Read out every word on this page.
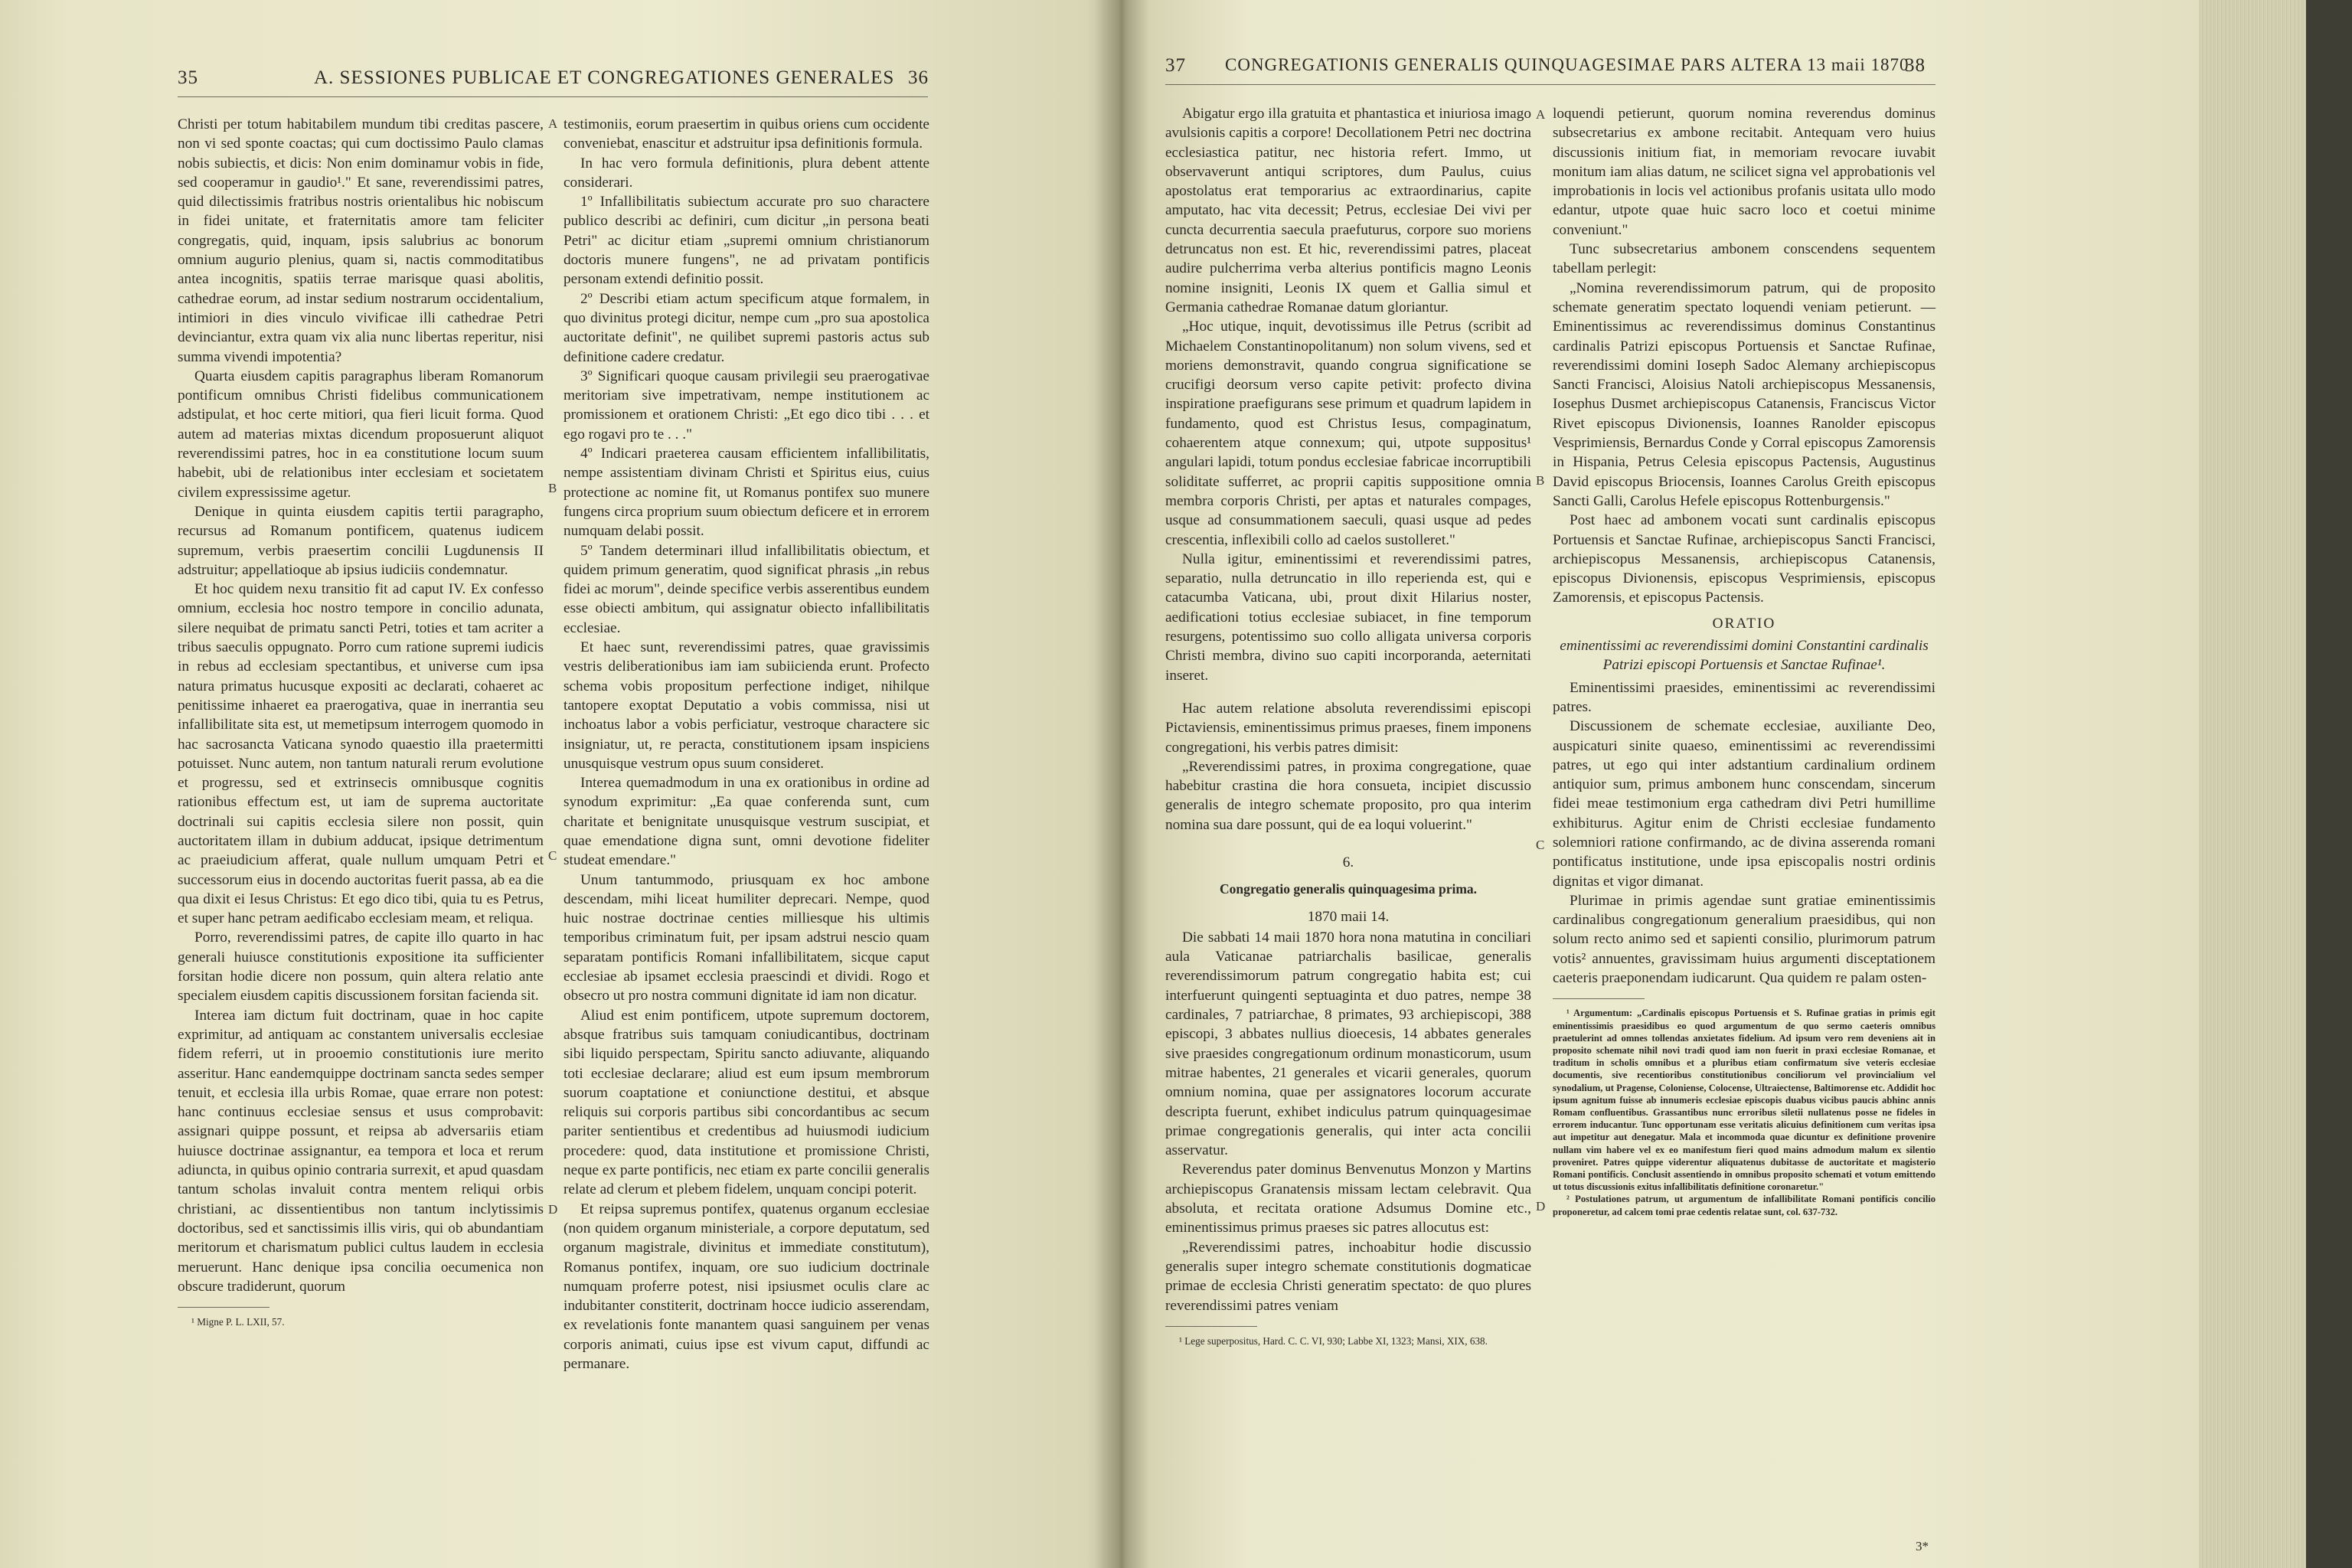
35	A. SESSIONES PUBLICAE ET CONGREGATIONES GENERALES 36

Christi per totum habitabilem mundum tibi creditas pascere, non vi sed sponte coactas; qui cum doctissimo Paulo clamas nobis subiectis, et dicis: Non enim dominamur vobis in fide, sed cooperamur in gaudio¹." Et sane, reverendissimi patres, quid dilectissimis fratribus nostris orientalibus hic nobiscum in fidei unitate, et fraternitatis amore tam feliciter congregatis, quid, inquam, ipsis salubrius ac bonorum omnium augurio plenius, quam si, nactis commoditatibus antea incognitis, spatiis terrae marisque quasi abolitis, cathedrae eorum, ad instar sedium nostrarum occidentalium, intimiori in dies vinculo vivificae illi cathedrae Petri devinciantur, extra quam vix alia nunc libertas reperitur, nisi summa vivendi impotentia?

Quarta eiusdem capitis paragraphus liberam Romanorum pontificum omnibus Christi fidelibus communicationem adstipulat, et hoc certe mitiori, qua fieri licuit forma. Quod autem ad materias mixtas dicendum proposuerunt aliquot reverendissimi patres, hoc in ea constitutione locum suum habebit, ubi de relationibus inter ecclesiam et societatem civilem expressissime agetur.

Denique in quinta eiusdem capitis tertii paragrapho, recursus ad Romanum pontificem, quatenus iudicem supremum, verbis praesertim concilii Lugdunensis II adstruitur; appellatioque ab ipsius iudiciis condemnatur.

Et hoc quidem nexu transitio fit ad caput IV. Ex confesso omnium, ecclesia hoc nostro tempore in concilio adunata, silere nequibat de primatu sancti Petri, toties et tam acriter a tribus saeculis oppugnato. Porro cum ratione supremi iudicis in rebus ad ecclesiam spectantibus, et universe cum ipsa natura primatus hucusque expositi ac declarati, cohaeret ac penitissime inhaeret ea praerogativa, quae in inerrantia seu infallibilitate sita est, ut memetipsum interrogem quomodo in hac sacrosancta Vaticana synodo quaestio illa praetermitti potuisset. Nunc autem, non tantum naturali rerum evolutione et progressu, sed et extrinsecis omnibusque cognitis rationibus effectum est, ut iam de suprema auctoritate doctrinali sui capitis ecclesia silere non possit, quin auctoritatem illam in dubium adducat, ipsique detrimentum ac praeiudicium afferat, quale nullum umquam Petri et successorum eius in docendo auctoritas fuerit passa, ab ea die qua dixit ei Iesus Christus: Et ego dico tibi, quia tu es Petrus, et super hanc petram aedificabo ecclesiam meam, et reliqua.

Porro, reverendissimi patres, de capite illo quarto in hac generali huiusce constitutionis expositione ita sufficienter forsitan hodie dicere non possum, quin altera relatio ante specialem eiusdem capitis discussionem forsitan facienda sit.

Interea iam dictum fuit doctrinam, quae in hoc capite exprimitur, ad antiquam ac constantem universalis ecclesiae fidem referri, ut in prooemio constitutionis iure merito asseritur. Hanc eandemquippe doctrinam sancta sedes semper tenuit, et ecclesia illa urbis Romae, quae errare non potest: hanc continuus ecclesiae sensus et usus comprobavit: assignari quippe possunt, et reipsa ab adversariis etiam huiusce doctrinae assignantur, ea tempora et loca et rerum adiuncta, in quibus opinio contraria surrexit, et apud quasdam tantum scholas invaluit contra mentem reliqui orbis christiani, ac dissentientibus non tantum inclytissimis doctoribus, sed et sanctissimis illis viris, qui ob abundantiam meritorum et charismatum publici cultus laudem in ecclesia meruerunt. Hanc denique ipsa concilia oecumenica non obscure tradiderunt, quorum

¹ Migne P. L. LXII, 57.

A
B
C
D

testimoniis, eorum praesertim in quibus oriens cum occidente conveniebat, enascitur et adstruitur ipsa definitionis formula.

In hac vero formula definitionis, plura debent attente considerari.

1º Infallibilitatis subiectum accurate pro suo charactere publico describi ac definiri, cum dicitur „in persona beati Petri" ac dicitur etiam „supremi omnium christianorum doctoris munere fungens", ne ad privatam pontificis personam extendi definitio possit.

2º Describi etiam actum specificum atque formalem, in quo divinitus protegi dicitur, nempe cum „pro sua apostolica auctoritate definit", ne quilibet supremi pastoris actus sub definitione cadere credatur.

3º Significari quoque causam privilegii seu praerogativae meritoriam sive impetrativam, nempe institutionem ac promissionem et orationem Christi: „Et ego dico tibi . . . et ego rogavi pro te . . ."

4º Indicari praeterea causam efficientem infallibilitatis, nempe assistentiam divinam Christi et Spiritus eius, cuius protectione ac nomine fit, ut Romanus pontifex suo munere fungens circa proprium suum obiectum deficere et in errorem numquam delabi possit.

5º Tandem determinari illud infallibilitatis obiectum, et quidem primum generatim, quod significat phrasis „in rebus fidei ac morum", deinde specifice verbis asserentibus eundem esse obiecti ambitum, qui assignatur obiecto infallibilitatis ecclesiae.

Et haec sunt, reverendissimi patres, quae gravissimis vestris deliberationibus iam iam subiicienda erunt. Profecto schema vobis propositum perfectione indiget, nihilque tantopere exoptat Deputatio a vobis commissa, nisi ut inchoatus labor a vobis perficiatur, vestroque charactere sic insigniatur, ut, re peracta, constitutionem ipsam inspiciens unusquisque vestrum opus suum consideret.

Interea quemadmodum in una ex orationibus in ordine ad synodum exprimitur: „Ea quae conferenda sunt, cum charitate et benignitate unusquisque vestrum suscipiat, et quae emendatione digna sunt, omni devotione fideliter studeat emendare."

Unum tantummodo, priusquam ex hoc ambone descendam, mihi liceat humiliter deprecari. Nempe, quod huic nostrae doctrinae centies milliesque his ultimis temporibus criminatum fuit, per ipsam adstrui nescio quam separatam pontificis Romani infallibilitatem, sicque caput ecclesiae ab ipsamet ecclesia praescindi et dividi. Rogo et obsecro ut pro nostra communi dignitate id iam non dicatur.

Aliud est enim pontificem, utpote supremum doctorem, absque fratribus suis tamquam coniudicantibus, doctrinam sibi liquido perspectam, Spiritu sancto adiuvante, aliquando toti ecclesiae declarare; aliud est eum ipsum membrorum suorum coaptatione et coniunctione destitui, et absque reliquis sui corporis partibus sibi concordantibus ac secum pariter sentientibus et credentibus ad huiusmodi iudicium procedere: quod, data institutione et promissione Christi, neque ex parte pontificis, nec etiam ex parte concilii generalis relate ad clerum et plebem fidelem, unquam concipi poterit.

Et reipsa supremus pontifex, quatenus organum ecclesiae (non quidem organum ministeriale, a corpore deputatum, sed organum magistrale, divinitus et immediate constitutum), Romanus pontifex, inquam, ore suo iudicium doctrinale numquam proferre potest, nisi ipsiusmet oculis clare ac indubitanter constiterit, doctrinam hocce iudicio asserendam, ex revelationis fonte manantem quasi sanguinem per venas corporis animati, cuius ipse est vivum caput, diffundi ac permanare.

37 CONGREGATIONIS GENERALIS QUINQUAGESIMAE PARS ALTERA 13 maii 1870
38

Abigatur ergo illa gratuita et phantastica et iniuriosa imago avulsionis capitis a corpore! Decollationem Petri nec doctrina ecclesiastica patitur, nec historia refert. Immo, ut observaverunt antiqui scriptores, dum Paulus, cuius apostolatus erat temporarius ac extraordinarius, capite amputato, hac vita decessit; Petrus, ecclesiae Dei vivi per cuncta decurrentia saecula praefuturus, corpore suo moriens detruncatus non est. Et hic, reverendissimi patres, placeat audire pulcherrima verba alterius pontificis magno Leonis nomine insigniti, Leonis IX quem et Gallia simul et Germania cathedrae Romanae datum gloriantur.

„Hoc utique, inquit, devotissimus ille Petrus (scribit ad Michaelem Constantinopolitanum) non solum vivens, sed et moriens demonstravit, quando congrua significatione se crucifigi deorsum verso capite petivit: profecto divina inspiratione praefigurans sese primum et quadrum lapidem in fundamento, quod est Christus Iesus, compaginatum, cohaerentem atque connexum; qui, utpote suppositus¹ angulari lapidi, totum pondus ecclesiae fabricae incorruptibili soliditate sufferret, ac proprii capitis suppositione omnia membra corporis Christi, per aptas et naturales compages, usque ad consummationem saeculi, quasi usque ad pedes crescentia, inflexibili collo ad caelos sustolleret."

Nulla igitur, eminentissimi et reverendissimi patres, separatio, nulla detruncatio in illo reperienda est, qui e catacumba Vaticana, ubi, prout dixit Hilarius noster, aedificationi totius ecclesiae subiacet, in fine temporum resurgens, potentissimo suo collo alligata universa corporis Christi membra, divino suo capiti incorporanda, aeternitati inseret.

Hac autem relatione absoluta reverendissimi episcopi Pictaviensis, eminentissimus primus praeses, finem imponens congregationi, his verbis patres dimisit:

„Reverendissimi patres, in proxima congregatione, quae habebitur crastina die hora consueta, incipiet discussio generalis de integro schemate proposito, pro qua interim nomina sua dare possunt, qui de ea loqui voluerint."

6.
Congregatio generalis quinquagesima prima.
1870 maii 14.

Die sabbati 14 maii 1870 hora nona matutina in conciliari aula Vaticanae patriarchalis basilicae, generalis reverendissimorum patrum congregatio habita est; cui interfuerunt quingenti septuaginta et duo patres, nempe 38 cardinales, 7 patriarchae, 8 primates, 93 archiepiscopi, 388 episcopi, 3 abbates nullius dioecesis, 14 abbates generales sive praesides congregationum ordinum monasticorum, usum mitrae habentes, 21 generales et vicarii generales, quorum omnium nomina, quae per assignatores locorum accurate descripta fuerunt, exhibet indiculus patrum quinquagesimae primae congregationis generalis, qui inter acta concilii asservatur.

Reverendus pater dominus Benvenutus Monzon y Martins archiepiscopus Granatensis missam lectam celebravit. Qua absoluta, et recitata oratione Adsumus Domine etc., eminentissimus primus praeses sic patres allocutus est:

„Reverendissimi patres, inchoabitur hodie discussio generalis super integro schemate constitutionis dogmaticae primae de ecclesia Christi generatim spectato: de quo plures reverendissimi patres veniam

¹ Lege superpositus, Hard. C. C. VI, 930; Labbe XI, 1323; Mansi, XIX, 638.

A
B
C
D

loquendi petierunt, quorum nomina reverendus dominus subsecretarius ex ambone recitabit. Antequam vero huius discussionis initium fiat, in memoriam revocare iuvabit monitum iam alias datum, ne scilicet signa vel approbationis vel improbationis in locis vel actionibus profanis usitata ullo modo edantur, utpote quae huic sacro loco et coetui minime conveniunt."

Tunc subsecretarius ambonem conscendens sequentem tabellam perlegit:

„Nomina reverendissimorum patrum, qui de proposito schemate generatim spectato loquendi veniam petierunt. — Eminentissimus ac reverendissimus dominus Constantinus cardinalis Patrizi episcopus Portuensis et Sanctae Rufinae, reverendissimi domini Ioseph Sadoc Alemany archiepiscopus Sancti Francisci, Aloisius Natoli archiepiscopus Messanensis, Iosephus Dusmet archiepiscopus Catanensis, Franciscus Victor Rivet episcopus Divionensis, Ioannes Ranolder episcopus Vesprimiensis, Bernardus Conde y Corral episcopus Zamorensis in Hispania, Petrus Celesia episcopus Pactensis, Augustinus David episcopus Briocensis, Ioannes Carolus Greith episcopus Sancti Galli, Carolus Hefele episcopus Rottenburgensis."

Post haec ad ambonem vocati sunt cardinalis episcopus Portuensis et Sanctae Rufinae, archiepiscopus Sancti Francisci, archiepiscopus Messanensis, archiepiscopus Catanensis, episcopus Divionensis, episcopus Vesprimiensis, episcopus Zamorensis, et episcopus Pactensis.

ORATIO

eminentissimi ac reverendissimi domini Constantini cardinalis Patrizi episcopi Portuensis et Sanctae Rufinae¹.

Eminentissimi praesides, eminentissimi ac reverendissimi patres.

Discussionem de schemate ecclesiae, auxiliante Deo, auspicaturi sinite quaeso, eminentissimi ac reverendissimi patres, ut ego qui inter adstantium cardinalium ordinem antiquior sum, primus ambonem hunc conscendam, sincerum fidei meae testimonium erga cathedram divi Petri humillime exhibiturus. Agitur enim de Christi ecclesiae fundamento solemniori ratione confirmando, ac de divina asserenda romani pontificatus institutione, unde ipsa episcopalis nostri ordinis dignitas et vigor dimanat.

Plurimae in primis agendae sunt gratiae eminentissimis cardinalibus congregationum generalium praesidibus, qui non solum recto animo sed et sapienti consilio, plurimorum patrum votis² annuentes, gravissimam huius argumenti disceptationem caeteris praeponendam iudicarunt. Qua quidem re palam osten-

¹ Argumentum: „Cardinalis episcopus Portuensis et S. Rufinae gratias in primis egit eminentissimis praesidibus eo quod argumentum de quo sermo caeteris omnibus praetulerint ad omnes tollendas anxietates fidelium. Ad ipsum vero rem deveniens ait in proposito schemate nihil novi tradi quod iam non fuerit in praxi ecclesiae Romanae, et traditum in scholis omnibus et a pluribus etiam confirmatum sive veteris ecclesiae documentis, sive recentioribus constitutionibus conciliorum vel provincialium vel synodalium, ut Pragense, Coloniense, Colocense, Ultraiectense, Baltimorense etc. Addidit hoc ipsum agnitum fuisse ab innumeris ecclesiae episcopis duabus vicibus paucis abhinc annis Romam confluentibus. Grassantibus nunc erroribus siletii nullatenus posse ne fideles in errorem inducantur. Tunc opportunam esse veritatis alicuius definitionem cum veritas ipsa aut impetitur aut denegatur. Mala et incommoda quae dicuntur ex definitione provenire nullam vim habere vel ex eo manifestum fieri quod mains admodum malum ex silentio proveniret. Patres quippe viderentur aliquatenus dubitasse de auctoritate et magisterio Romani pontificis. Conclusit assentiendo in omnibus proposito schemati et votum emittendo ut totus discussionis exitus infallibilitatis definitione coronaretur."

² Postulationes patrum, ut argumentum de infallibilitate Romani pontificis concilio proponeretur, ad calcem tomi prae cedentis relatae sunt, col. 637-732.

3*
